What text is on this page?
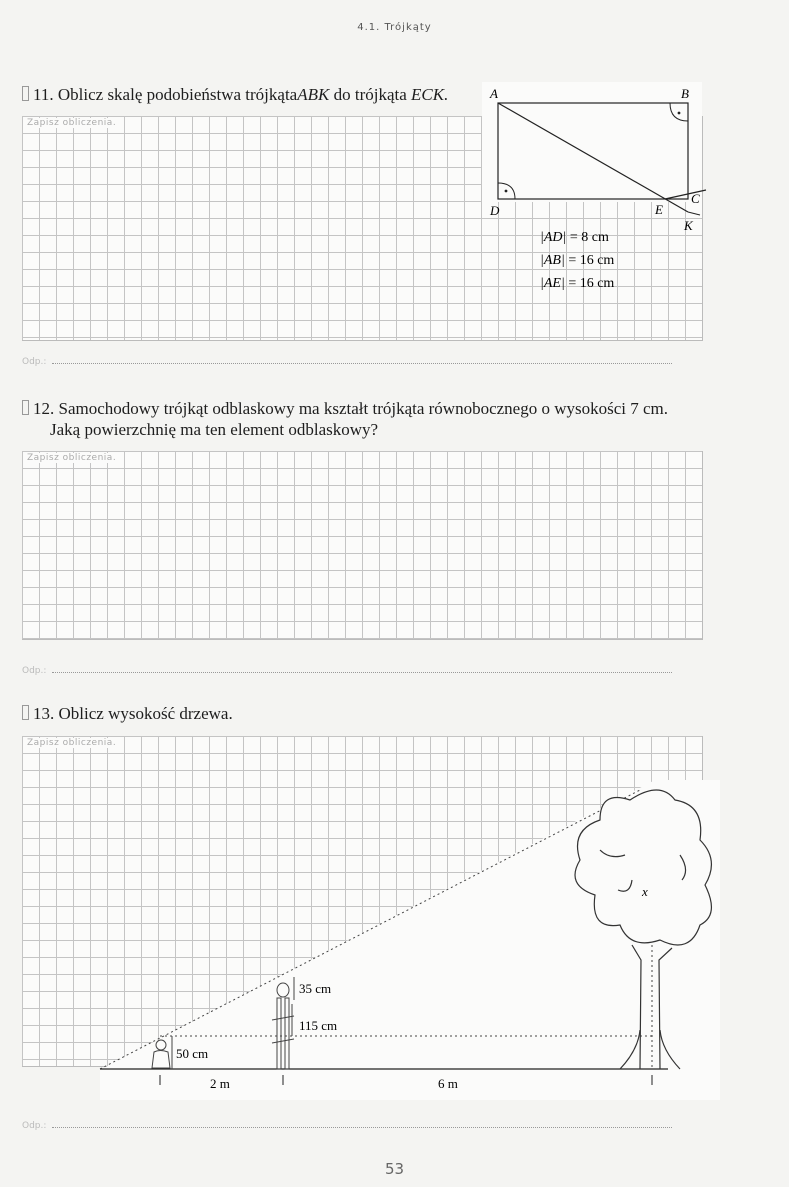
4.1. Trójkąty
11. Oblicz skalę podobieństwa trójkątaABK do trójkąta ECK.
Zapisz obliczenia.
A	B
C
D	E
K
|AD| = 8 cm
|AB| = 16 cm
|AE| = 16 cm
Odp.:
12. Samochodowy trójkąt odblaskowy ma kształt trójkąta równobocznego o wysokości 7 cm.
Jaką powierzchnię ma ten element odblaskowy?
Zapisz obliczenia.
Odp.:
13. Oblicz wysokość drzewa.
Zapisz obliczenia.
50 cm
35 cm
115 cm
x
2 m	6 m
Odp.:
53
